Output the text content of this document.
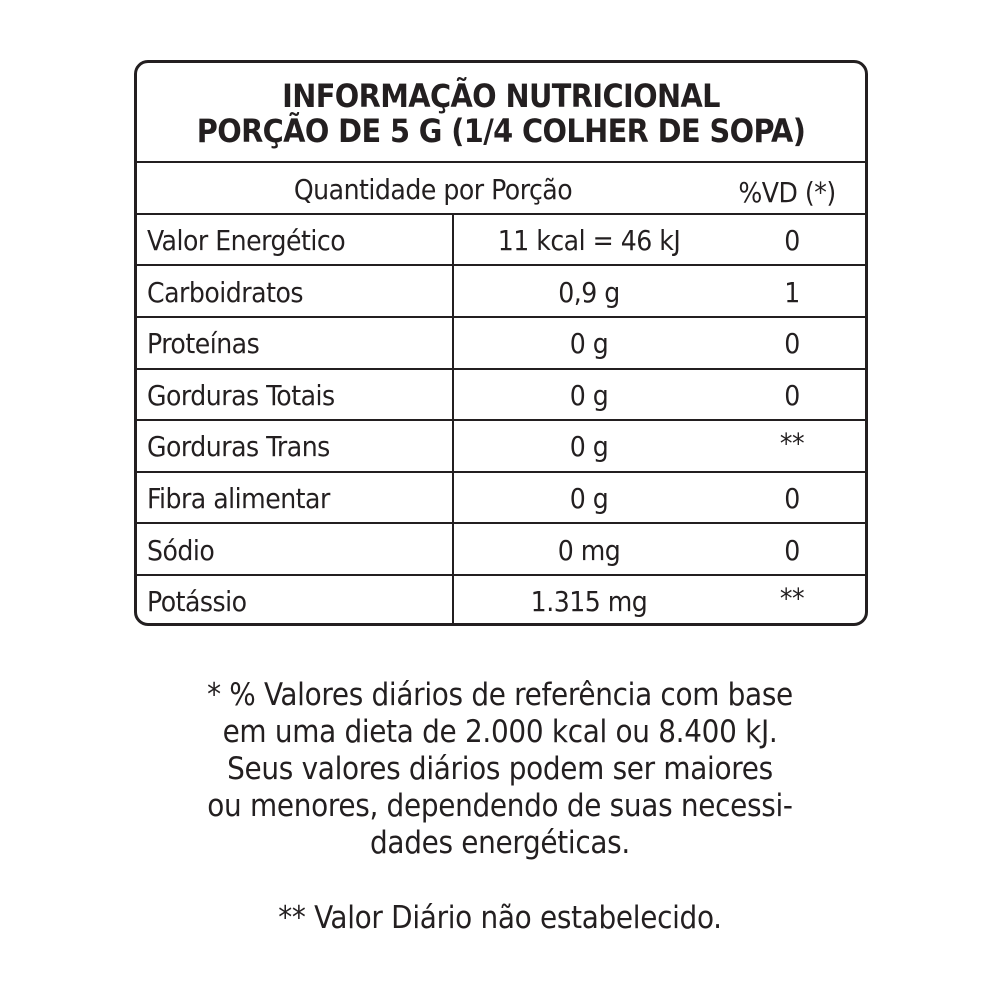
INFORMAÇÃO NUTRICIONAL
PORÇÃO DE 5 G (1/4 COLHER DE SOPA)
Quantidade por Porção	%VD (*)
Valor Energético	11 kcal = 46 kJ	0
Carboidratos	0,9 g	1
Proteínas	0 g	0
Gorduras Totais	0 g	0
Gorduras Trans	0 g	**
Fibra alimentar	0 g	0
Sódio	0 mg	0
Potássio	1.315 mg	**
* % Valores diários de referência com base
em uma dieta de 2.000 kcal ou 8.400 kJ.
Seus valores diários podem ser maiores
ou menores, dependendo de suas necessi-
dades energéticas.
** Valor Diário não estabelecido.
